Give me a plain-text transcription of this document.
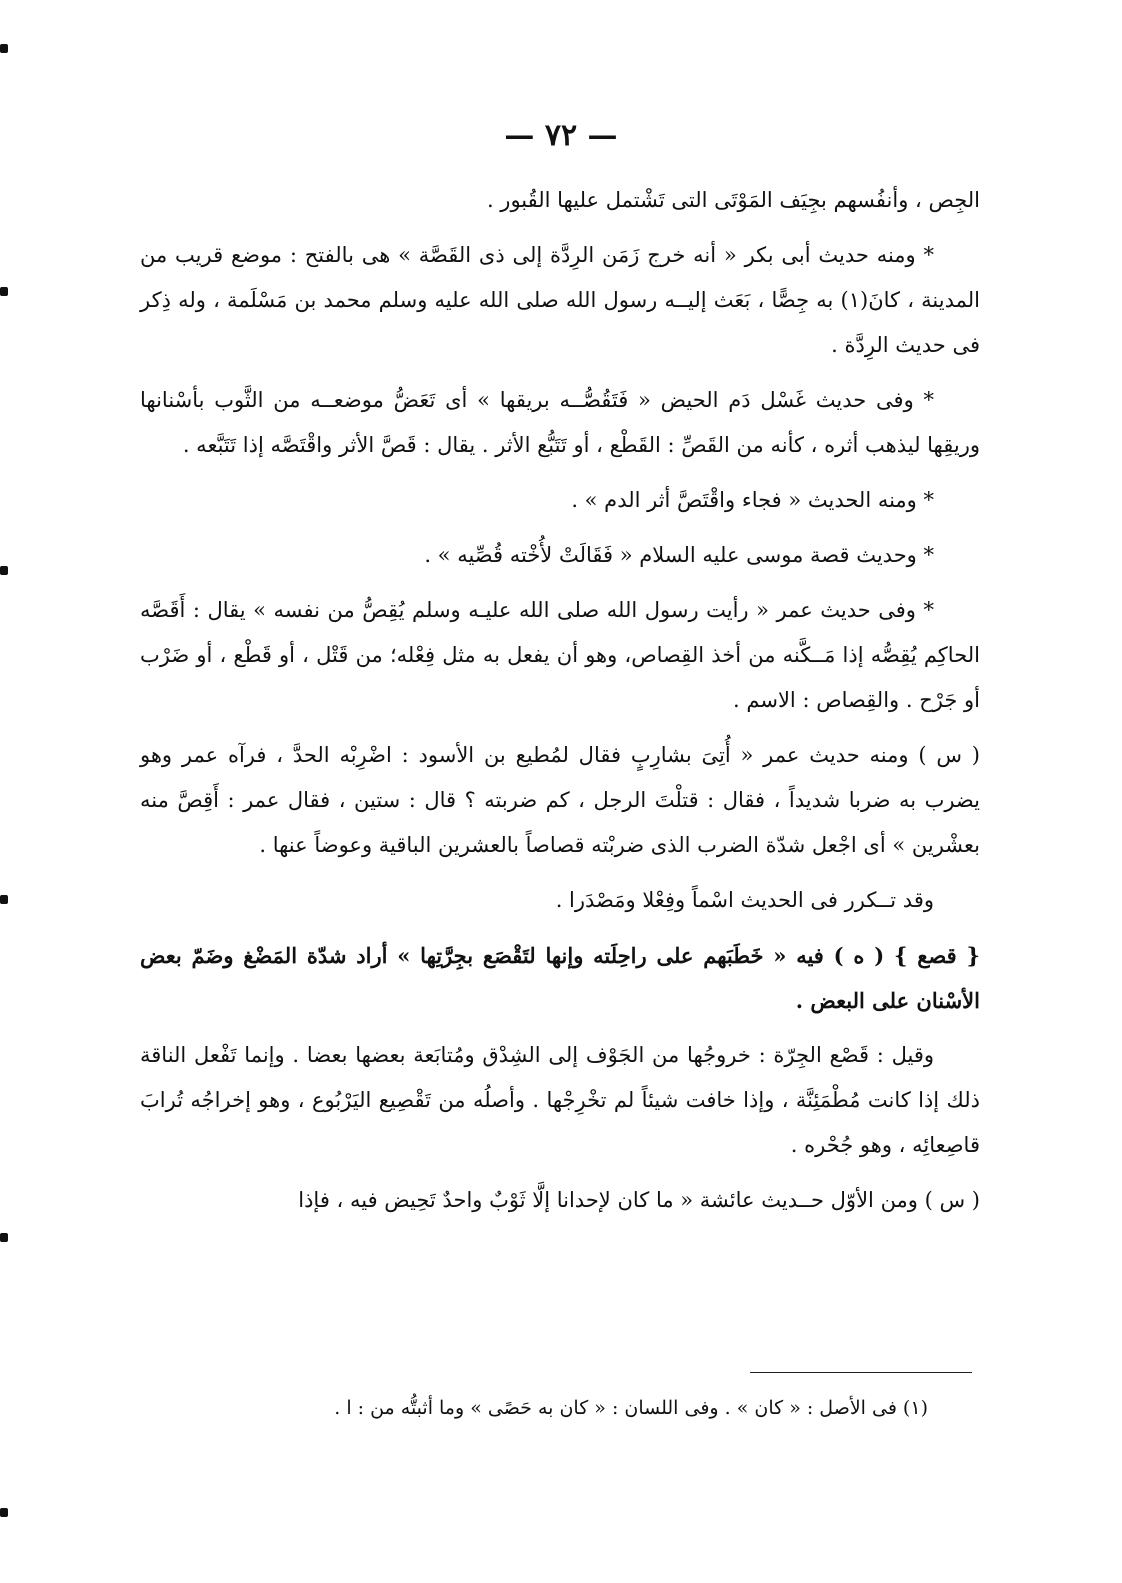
— ٧٢ —

الجِص ، وأنفُسهم بجِيَف المَوْتَى التى تَشْتمل عليها القُبور .

* ومنه حديث أبى بكر « أنه خرج زَمَن الرِدَّة إلى ذى القَصَّة » هى بالفتح : موضع قريب من المدينة ، كانَ(١) به جِصًّا ، بَعَث إليــه رسول الله صلى الله عليه وسلم محمد بن مَسْلَمة ، وله ذِكر فى حديث الرِدَّة .

* وفى حديث غَسْل دَم الحيض « فَتَقُصُّــه بريقها » أى تَعَضُّ موضعــه من الثَّوب بأسْنانها وريقِها ليذهب أثره ، كأنه من القَصِّ : القَطْع ، أو تَتَبُّع الأثر . يقال : قَصَّ الأثر واقْتَصَّه إذا تَتَبَّعه .

* ومنه الحديث « فجاء واقْتَصَّ أثر الدم » .

* وحديث قصة موسى عليه السلام « فَقَالَتْ لأُخْته قُصِّيه » .

* وفى حديث عمر « رأيت رسول الله صلى الله عليـه وسلم يُقِصُّ من نفسه » يقال : أَقَصَّه الحاكِم يُقِصُّه إذا مَــكَّنه من أخذ القِصاص، وهو أن يفعل به مثل فِعْله؛ من قَتْل ، أو قَطْع ، أو ضَرْب أو جَرْح . والقِصاص : الاسم .

( س ) ومنه حديث عمر « أُتِىَ بشارِبٍ فقال لمُطيع بن الأسود : اضْرِبْه الحدَّ ، فرآه عمر وهو يضرب به ضربا شديداً ، فقال : قتلْتَ الرجل ، كم ضربته ؟ قال : ستين ، فقال عمر : أَقِصَّ منه بعشْرين » أى اجْعل شدّة الضرب الذى ضربْته قصاصاً بالعشرين الباقية وعوضاً عنها .

وقد تــكرر فى الحديث اسْماً وفِعْلا ومَصْدَرا .

{ قصع } ( ه ) فيه « خَطَبَهم على راحِلَته وإنها لتَقْصَع بجِرَّتِها » أراد شدّة المَضْغ وضَمّ بعض الأسْنان على البعض .

وقيل : قَصْع الجِرّة : خروجُها من الجَوْف إلى الشِدْق ومُتابَعة بعضها بعضا . وإنما تَفْعل الناقة ذلك إذا كانت مُطْمَئِنَّة ، وإذا خافت شيئاً لم تخْرِجْها . وأصلُه من تَقْصِيع اليَرْبُوع ، وهو إخراجُه تُرابَ قاصِعائِه ، وهو جُحْره .

( س ) ومن الأوّل حــديث عائشة « ما كان لإحدانا إلَّا ثَوْبٌ واحدٌ تَحِيض فيه ، فإذا

(١) فى الأصل : « كان » . وفى اللسان : « كان به حَصًى » وما أثبتُّه من : ا .
